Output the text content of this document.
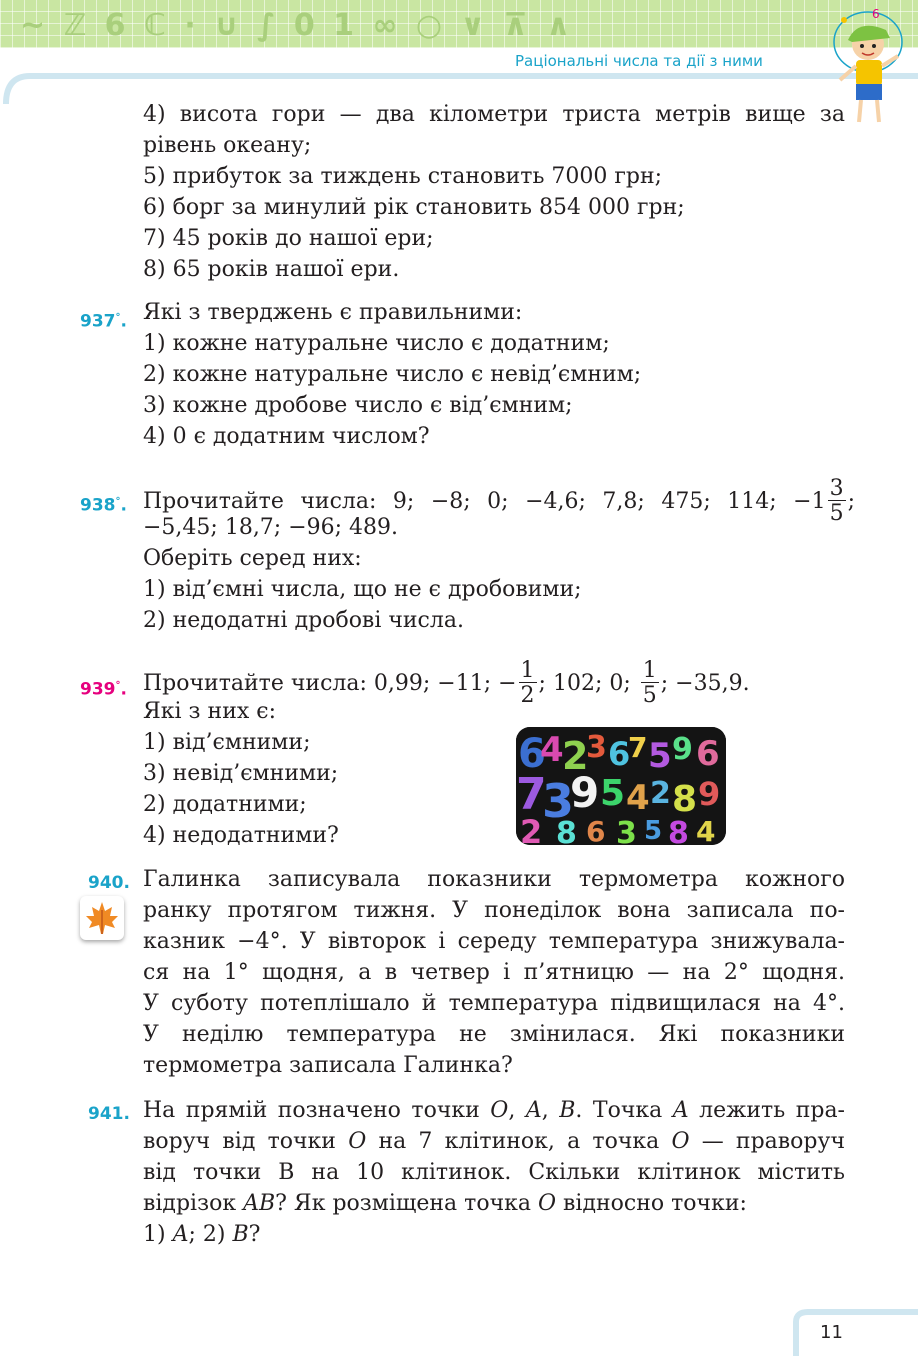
~ ℤ 6 ℂ ⋅ ∪ ∫ 0 1 ∞ ○ ∨ ⊼ ∧
Раціональні числа та дії з ними
6
4) висота гори — два кілометри триста метрів вище за
рівень океану;
5) прибуток за тиждень становить 7000 грн;
6) борг за минулий рік становить 854 000 грн;
7) 45 років до нашої ери;
8) 65 років нашої ери.
937°. Які з тверджень є правильними:
1) кожне натуральне число є додатним;
2) кожне натуральне число є невід’ємним;
3) кожне дробове число є від’ємним;
4) 0 є додатним числом?
938°. Прочитайте числа: 9; −8; 0; −4,6; 7,8; 475; 114; $-1 \frac{3}{5}$ ;
−5,45; 18,7; −96; 489.
Оберіть серед них:
1) від’ємні числа, що не є дробовими;
2) недодатні дробові числа.
939°. Прочитайте числа: 0,99; −11; − $\frac{1}{2}$ ; 102; 0; $\frac{1}{5}$ ; −35,9.
Які з них є:
1) від’ємними;
3) невід’ємними;
2) додатними;
4) недодатними?
940. Галинка записувала показники термометра кожного
ранку протягом тижня. У понеділок вона записала по-
казник −4°. У вівторок і середу температура знижувала-
ся на 1° щодня, а в четвер і п’ятницю — на 2° щодня.
У суботу потеплішало й температура підвищилася на 4°.
У неділю температура не змінилася. Які показники
термометра записала Галинка?
941. На прямій позначено точки O, A, B. Точка A лежить пра-
воруч від точки O на 7 клітинок, а точка O — праворуч
від точки B на 10 клітинок. Скільки клітинок містить
відрізок AB? Як розміщена точка O відносно точки:
1) A; 2) B?
6
4
2
3 6
7 5 9 6
7
3
9 5 4 2 8 9
2 8 6 3 5 8 4
11
